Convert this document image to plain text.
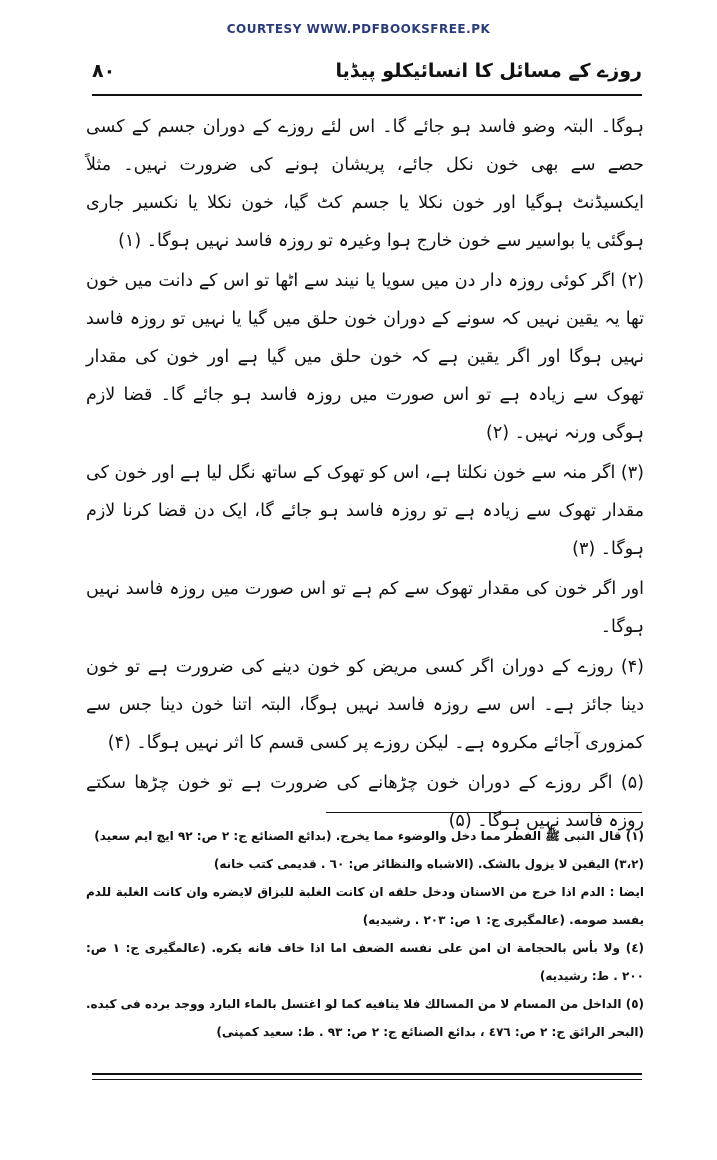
COURTESY WWW.PDFBOOKSFREE.PK
روزے کے مسائل کا انسائیکلو پیڈیا
۸۰

ہوگا۔ البتہ وضو فاسد ہو جائے گا۔ اس لئے روزے کے دوران جسم کے کسی حصے سے بھی خون نکل جائے، پریشان ہونے کی ضرورت نہیں۔ مثلاً ایکسیڈنٹ ہوگیا اور خون نکلا یا جسم کٹ گیا، خون نکلا یا نکسیر جاری ہوگئی یا بواسیر سے خون خارج ہوا وغیرہ تو روزہ فاسد نہیں ہوگا۔ (۱)

(۲) اگر کوئی روزہ دار دن میں سویا یا نیند سے اٹھا تو اس کے دانت میں خون تھا یہ یقین نہیں کہ سونے کے دوران خون حلق میں گیا یا نہیں تو روزہ فاسد نہیں ہوگا اور اگر یقین ہے کہ خون حلق میں گیا ہے اور خون کی مقدار تھوک سے زیادہ ہے تو اس صورت میں روزہ فاسد ہو جائے گا۔ قضا لازم ہوگی ورنہ نہیں۔ (۲)

(۳) اگر منہ سے خون نکلتا ہے، اس کو تھوک کے ساتھ نگل لیا ہے اور خون کی مقدار تھوک سے زیادہ ہے تو روزہ فاسد ہو جائے گا، ایک دن قضا کرنا لازم ہوگا۔ (۳)

اور اگر خون کی مقدار تھوک سے کم ہے تو اس صورت میں روزہ فاسد نہیں ہوگا۔

(۴) روزے کے دوران اگر کسی مریض کو خون دینے کی ضرورت ہے تو خون دینا جائز ہے۔ اس سے روزہ فاسد نہیں ہوگا، البتہ اتنا خون دینا جس سے کمزوری آجائے مکروہ ہے۔ لیکن روزے پر کسی قسم کا اثر نہیں ہوگا۔ (۴)

(۵) اگر روزے کے دوران خون چڑھانے کی ضرورت ہے تو خون چڑھا سکتے روزہ فاسد نہیں ہوگا۔ (۵)

(۱) قال النبی ﷺ الفطر مما دخل والوضوء مما یخرج. (بدائع الصنائع ج: ۲ ص: ۹۲ ایچ ایم سعید)

(۳،۲) الیقین لا یزول بالشک. (الاشباه والنظائر ص: ٦٠ . قدیمی کتب خانه)

ایضا : الدم اذا خرج من الاسنان ودخل حلقه ان کانت الغلبة للبزاق لایضره وان کانت الغلبة للدم یفسد صومه. (عالمگیری ج: ۱ ص: ۲۰۳ . رشیدیه)

(٤) ولا بأس بالحجامة ان امن علی نفسه الضعف اما اذا خاف فانه یکره. (عالمگیری ج: ۱ ص: ۲۰۰ . ط: رشیدیه)

(٥) الداخل من المسام لا من المسالك فلا ینافیه کما لو اغتسل بالماء البارد ووجد برده فی کبده. (البحر الرائق ج: ۲ ص: ٤٧٦ ، بدائع الصنائع ج: ۲ ص: ۹۳ . ط: سعید کمپنی)
